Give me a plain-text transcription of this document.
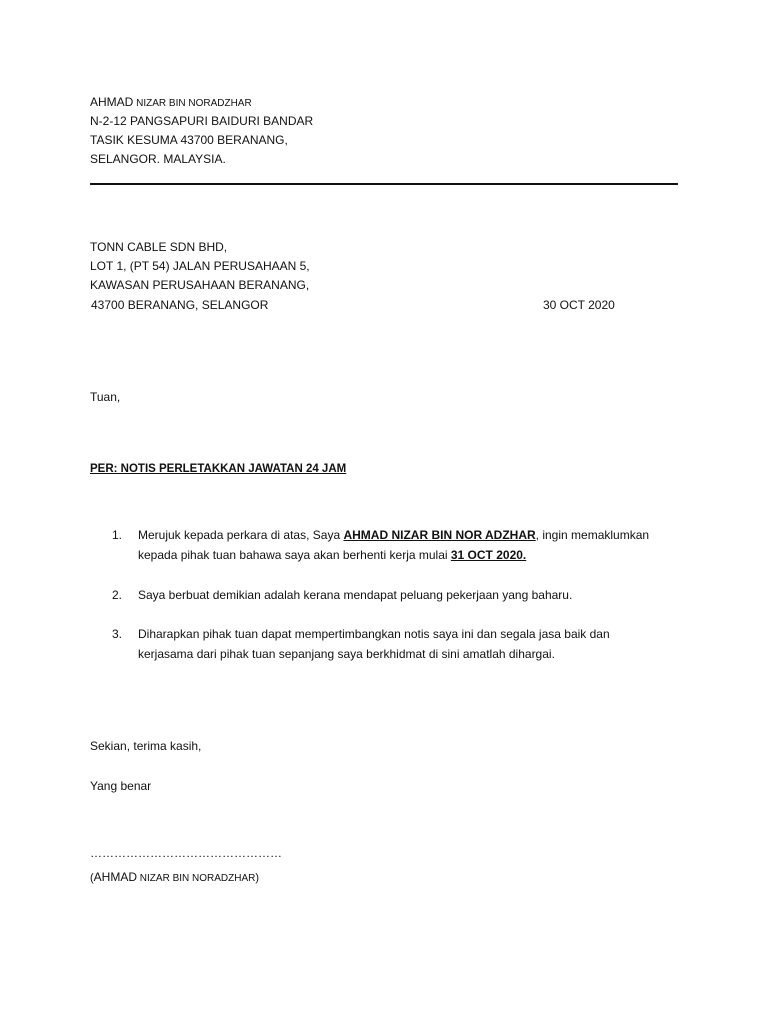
AHMAD NIZAR BIN NORADZHAR
N-2-12 PANGSAPURI BAIDURI BANDAR
TASIK KESUMA 43700 BERANANG,
SELANGOR. MALAYSIA.
TONN CABLE SDN BHD,
LOT 1, (PT 54) JALAN PERUSAHAAN 5,
KAWASAN PERUSAHAAN BERANANG,
43700 BERANANG, SELANGOR	30 OCT 2020
Tuan,
PER: NOTIS PERLETAKKAN JAWATAN 24 JAM
1. Merujuk kepada perkara di atas, Saya AHMAD NIZAR BIN NOR ADZHAR, ingin memaklumkan
kepada pihak tuan bahawa saya akan berhenti kerja mulai 31 OCT 2020.
2. Saya berbuat demikian adalah kerana mendapat peluang pekerjaan yang baharu.
3. Diharapkan pihak tuan dapat mempertimbangkan notis saya ini dan segala jasa baik dan
kerjasama dari pihak tuan sepanjang saya berkhidmat di sini amatlah dihargai.
Sekian, terima kasih,
Yang benar
…………………………………………
(AHMAD NIZAR BIN NORADZHAR)
